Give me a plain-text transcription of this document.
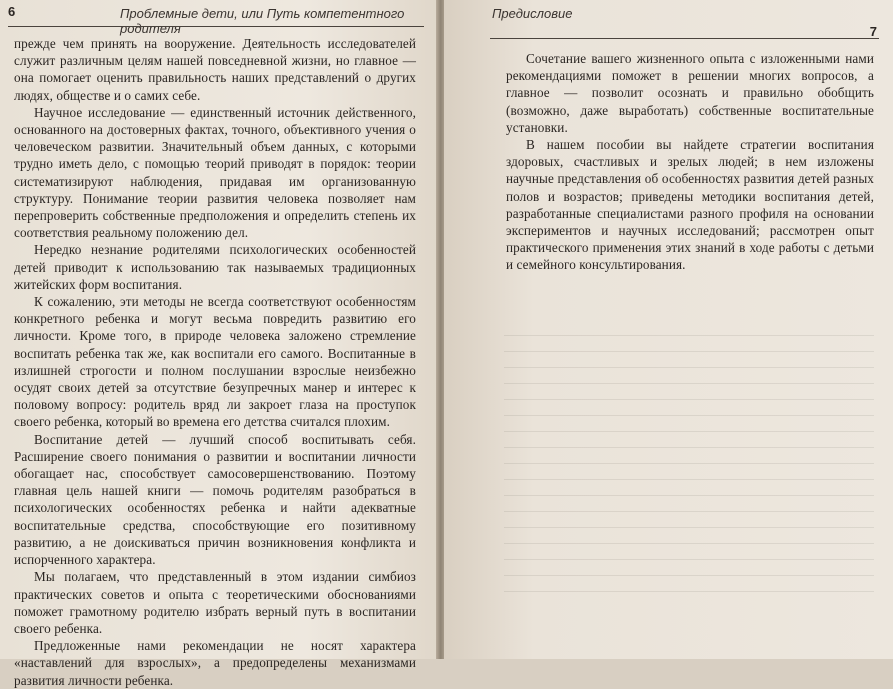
6	Проблемные дети, или Путь компетентного родителя

прежде чем принять на вооружение. Деятельность исследователей служит различным целям нашей повседневной жизни, но главное — она помогает оценить правильность наших представлений о других людях, обществе и о самих себе.

Научное исследование — единственный источник действенного, основанного на достоверных фактах, точного, объективного учения о человеческом развитии. Значительный объем данных, с которыми трудно иметь дело, с помощью теорий приводят в порядок: теории систематизируют наблюдения, придавая им организованную структуру. Понимание теории развития человека позволяет нам перепроверить собственные предположения и определить степень их соответствия реальному положению дел.

Нередко незнание родителями психологических особенностей детей приводит к использованию так называемых традиционных житейских форм воспитания.

К сожалению, эти методы не всегда соответствуют особенностям конкретного ребенка и могут весьма повредить развитию его личности. Кроме того, в природе человека заложено стремление воспитать ребенка так же, как воспитали его самого. Воспитанные в излишней строгости и полном послушании взрослые неизбежно осудят своих детей за отсутствие безупречных манер и интерес к половому вопросу: родитель вряд ли закроет глаза на проступок своего ребенка, который во времена его детства считался плохим.

Воспитание детей — лучший способ воспитывать себя. Расширение своего понимания о развитии и воспитании личности обогащает нас, способствует самосовершенствованию. Поэтому главная цель нашей книги — помочь родителям разобраться в психологических особенностях ребенка и найти адекватные воспитательные средства, способствующие его позитивному развитию, а не доискиваться причин возникновения конфликта и испорченного характера.

Мы полагаем, что представленный в этом издании симбиоз практических советов и опыта с теоретическими обоснованиями поможет грамотному родителю избрать верный путь в воспитании своего ребенка.

Предложенные нами рекомендации не носят характера «наставлений для взрослых», а предопределены механизмами развития личности ребенка.

Предисловие
7

Сочетание вашего жизненного опыта с изложенными нами рекомендациями поможет в решении многих вопросов, а главное — позволит осознать и правильно обобщить (возможно, даже выработать) собственные воспитательные установки.

В нашем пособии вы найдете стратегии воспитания здоровых, счастливых и зрелых людей; в нем изложены научные представления об особенностях развития детей разных полов и возрастов; приведены методики воспитания детей, разработанные специалистами разного профиля на основании экспериментов и научных исследований; рассмотрен опыт практического применения этих знаний в ходе работы с детьми и семейного консультирования.
